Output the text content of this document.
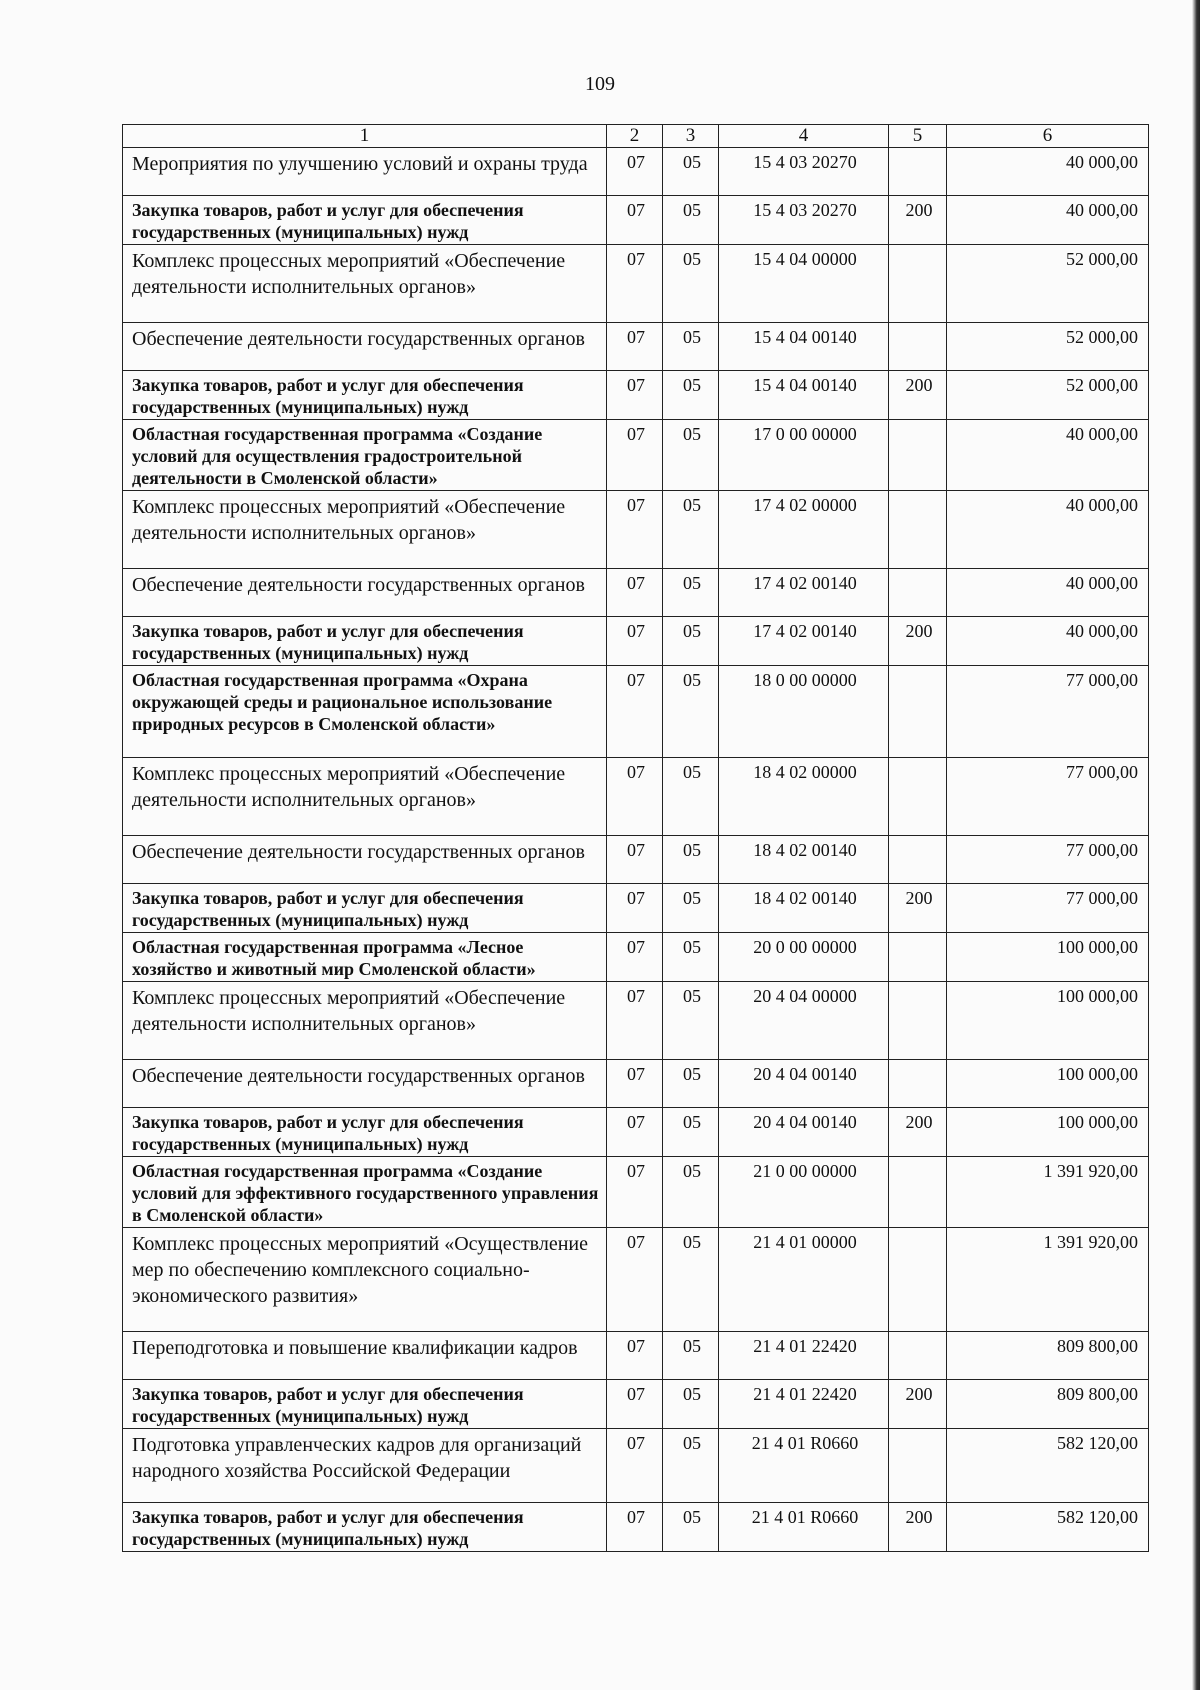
109
1	2	3	4	5	6
Мероприятия по улучшению условий и охраны труда	07	05	15 4 03 20270		40 000,00
Закупка товаров, работ и услуг для обеспечения государственных (муниципальных) нужд	07	05	15 4 03 20270	200	40 000,00
Комплекс процессных мероприятий «Обеспечение деятельности исполнительных органов»	07	05	15 4 04 00000		52 000,00
Обеспечение деятельности государственных органов	07	05	15 4 04 00140		52 000,00
Закупка товаров, работ и услуг для обеспечения государственных (муниципальных) нужд	07	05	15 4 04 00140	200	52 000,00
Областная государственная программа «Создание условий для осуществления градостроительной деятельности в Смоленской области»	07	05	17 0 00 00000		40 000,00
Комплекс процессных мероприятий «Обеспечение деятельности исполнительных органов»	07	05	17 4 02 00000		40 000,00
Обеспечение деятельности государственных органов	07	05	17 4 02 00140		40 000,00
Закупка товаров, работ и услуг для обеспечения государственных (муниципальных) нужд	07	05	17 4 02 00140	200	40 000,00
Областная государственная программа «Охрана окружающей среды и рациональное использование природных ресурсов в Смоленской области»	07	05	18 0 00 00000		77 000,00
Комплекс процессных мероприятий «Обеспечение деятельности исполнительных органов»	07	05	18 4 02 00000		77 000,00
Обеспечение деятельности государственных органов	07	05	18 4 02 00140		77 000,00
Закупка товаров, работ и услуг для обеспечения государственных (муниципальных) нужд	07	05	18 4 02 00140	200	77 000,00
Областная государственная программа «Лесное хозяйство и животный мир Смоленской области»	07	05	20 0 00 00000		100 000,00
Комплекс процессных мероприятий «Обеспечение деятельности исполнительных органов»	07	05	20 4 04 00000		100 000,00
Обеспечение деятельности государственных органов	07	05	20 4 04 00140		100 000,00
Закупка товаров, работ и услуг для обеспечения государственных (муниципальных) нужд	07	05	20 4 04 00140	200	100 000,00
Областная государственная программа «Создание условий для эффективного государственного управления в Смоленской области»	07	05	21 0 00 00000		1 391 920,00
Комплекс процессных мероприятий «Осуществление мер по обеспечению комплексного социально-экономического развития»	07	05	21 4 01 00000		1 391 920,00
Переподготовка и повышение квалификации кадров	07	05	21 4 01 22420		809 800,00
Закупка товаров, работ и услуг для обеспечения государственных (муниципальных) нужд	07	05	21 4 01 22420	200	809 800,00
Подготовка управленческих кадров для организаций народного хозяйства Российской Федерации	07	05	21 4 01 R0660		582 120,00
Закупка товаров, работ и услуг для обеспечения государственных (муниципальных) нужд	07	05	21 4 01 R0660	200	582 120,00
